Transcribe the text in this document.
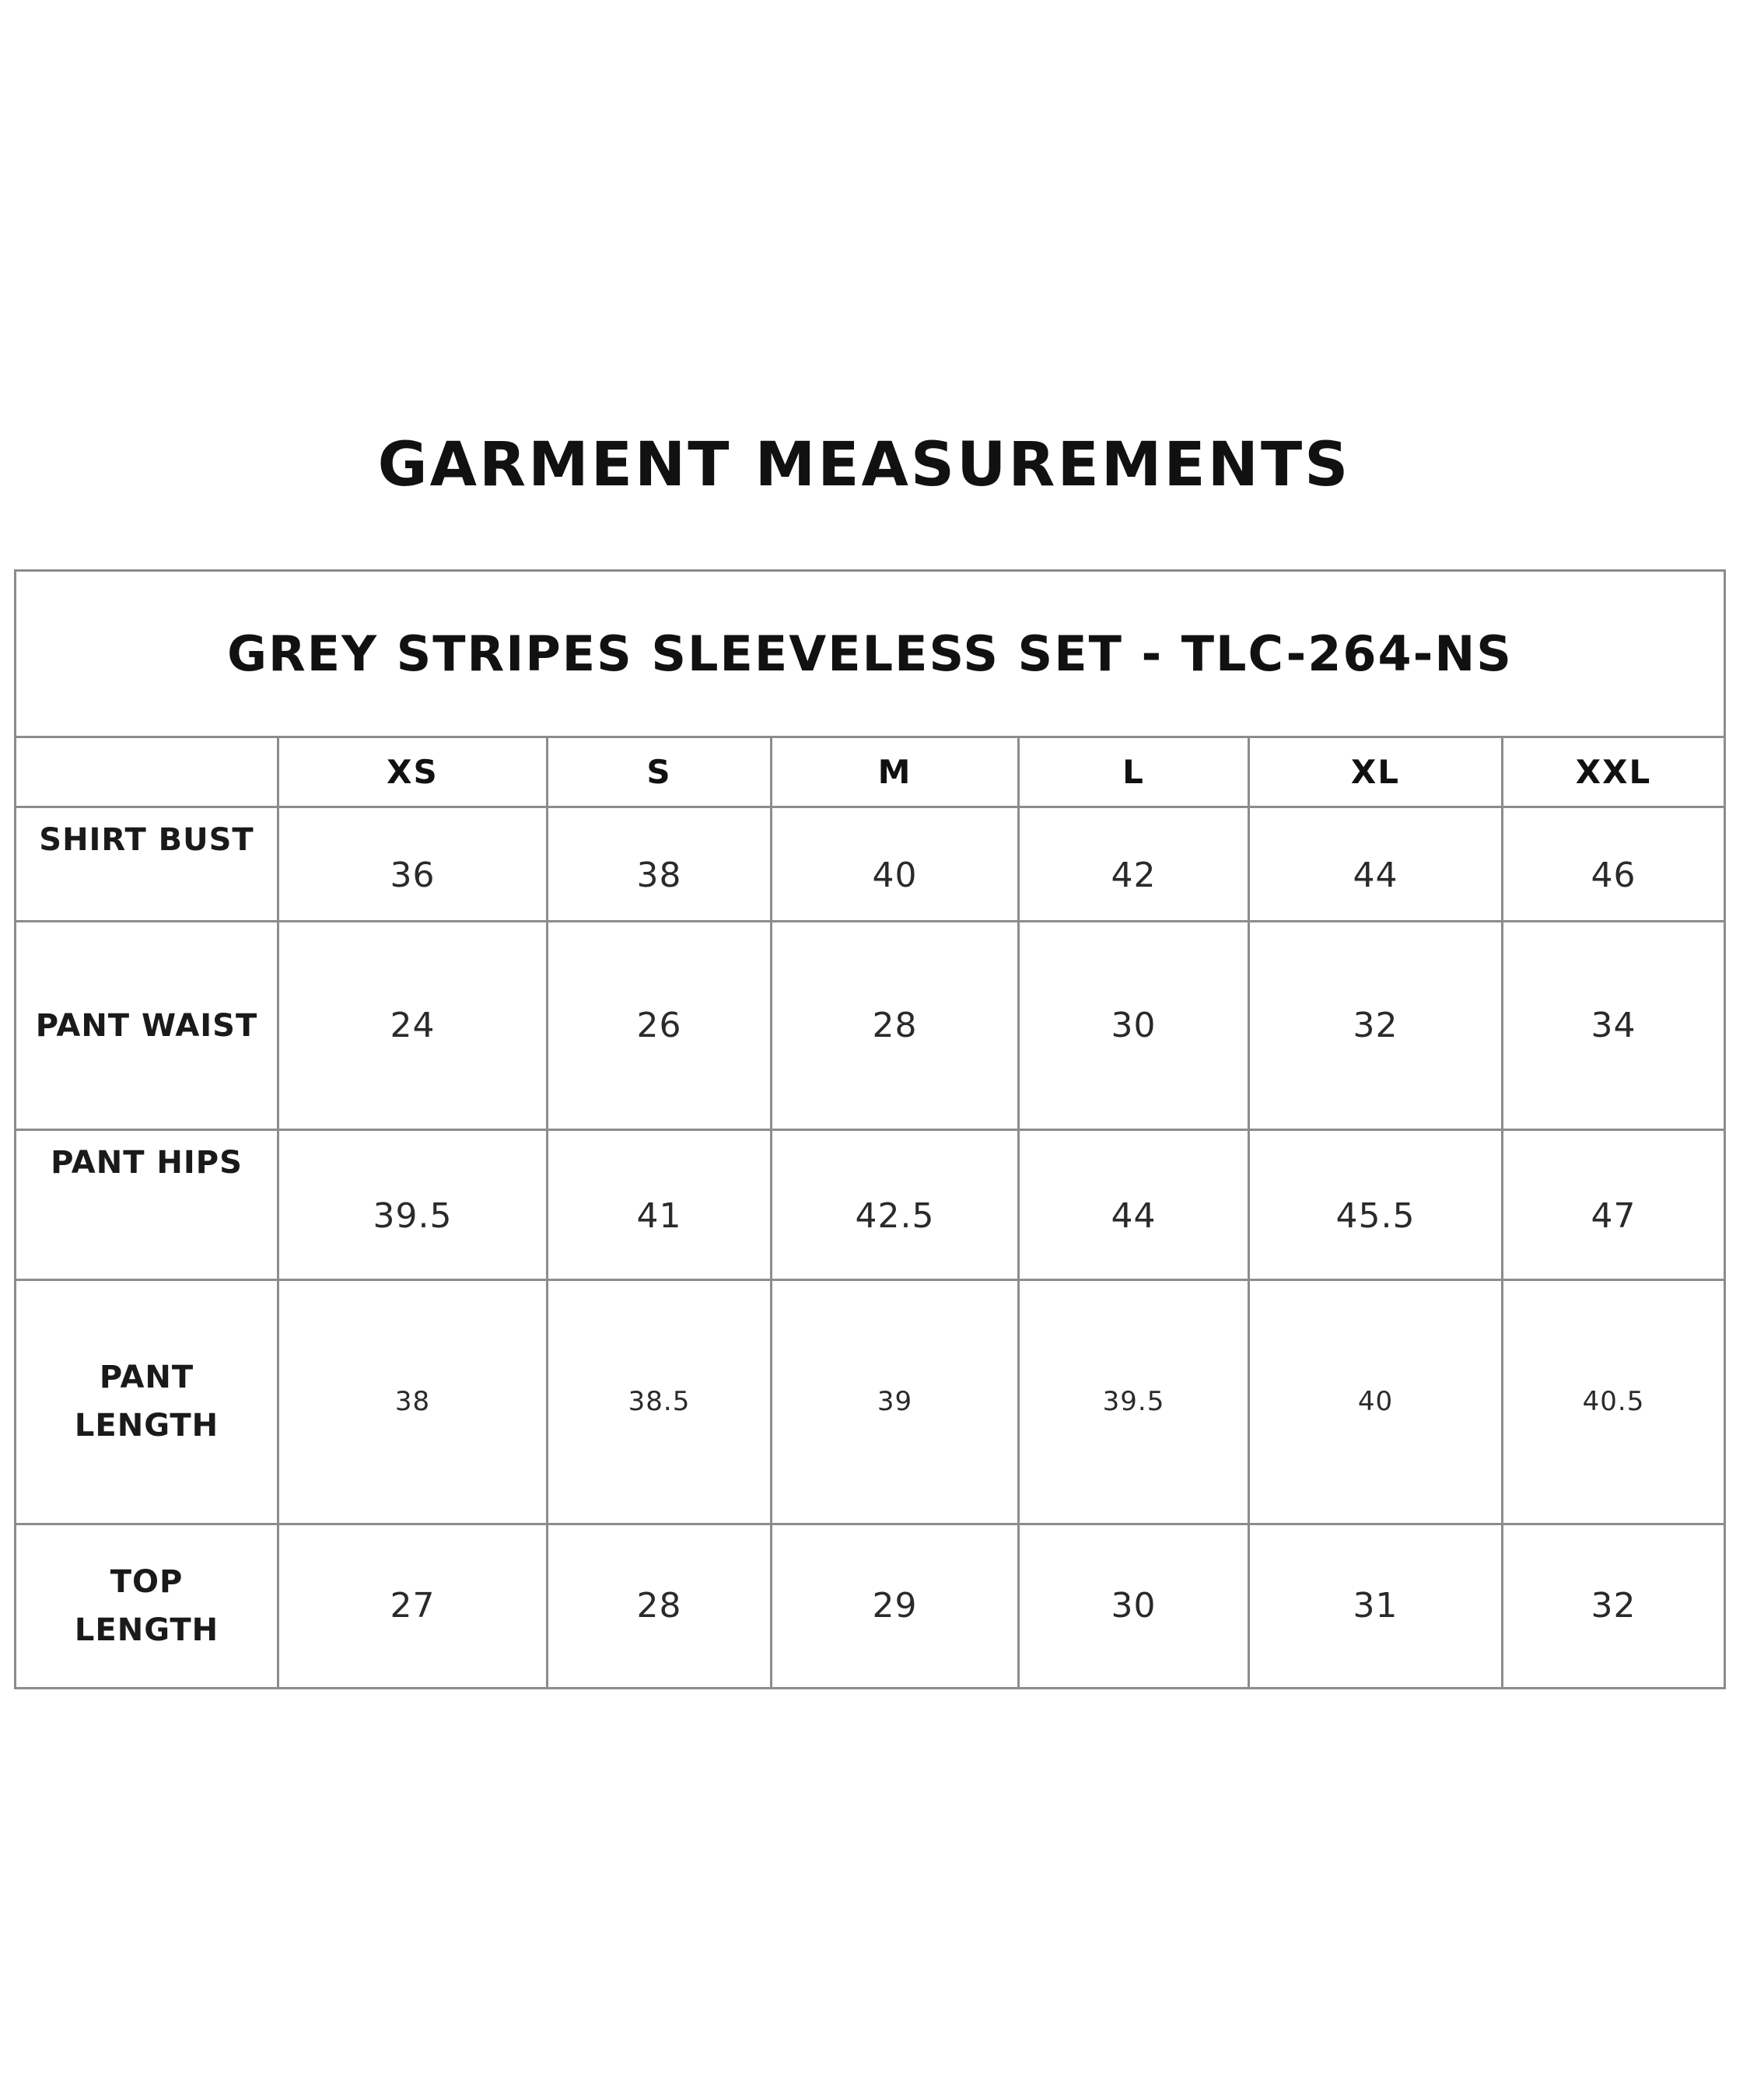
GARMENT MEASUREMENTS
GREY STRIPES SLEEVELESS SET - TLC-264-NS						
	XS	S	M	L	XL	XXL
SHIRT BUST	36	38	40	42	44	46
PANT WAIST	24	26	28	30	32	34
PANT HIPS	39.5	41	42.5	44	45.5	47
PANT LENGTH	38	38.5	39	39.5	40	40.5
TOP LENGTH	27	28	29	30	31	32
